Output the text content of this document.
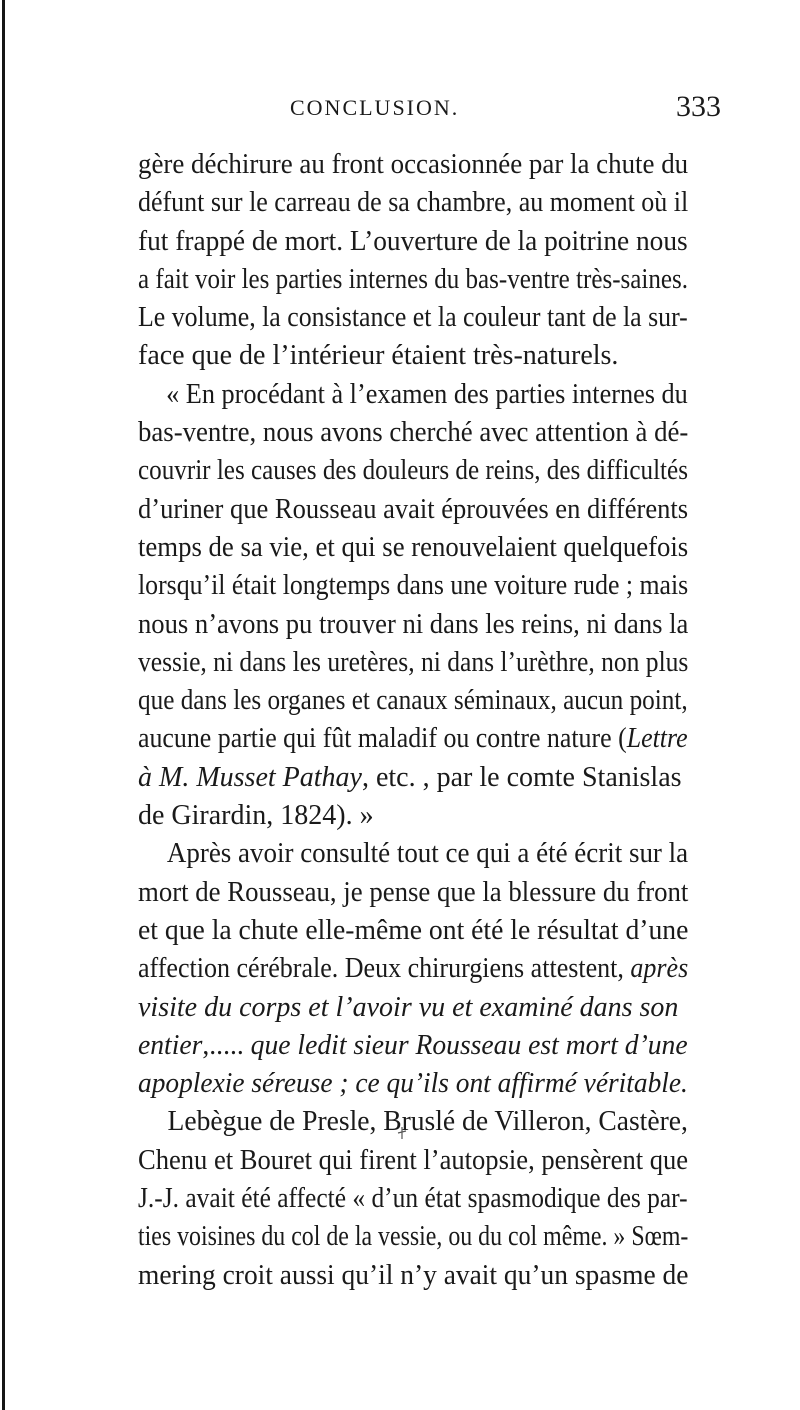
CONCLUSION.	333
gère déchirure au front occasionnée par la chute du
défunt sur le carreau de sa chambre, au moment où il
fut frappé de mort. L’ouverture de la poitrine nous
a fait voir les parties internes du bas-ventre très-saines.
Le volume, la consistance et la couleur tant de la sur-
face que de l’intérieur étaient très-naturels.
« En procédant à l’examen des parties internes du
bas-ventre, nous avons cherché avec attention à dé-
couvrir les causes des douleurs de reins, des difficultés
d’uriner que Rousseau avait éprouvées en différents
temps de sa vie, et qui se renouvelaient quelquefois
lorsqu’il était longtemps dans une voiture rude ; mais
nous n’avons pu trouver ni dans les reins, ni dans la
vessie, ni dans les uretères, ni dans l’urèthre, non plus
que dans les organes et canaux séminaux, aucun point,
aucune partie qui fût maladif ou contre nature (Lettre
à M. Musset Pathay, etc. , par le comte Stanislas
de Girardin, 1824). »
Après avoir consulté tout ce qui a été écrit sur la
mort de Rousseau, je pense que la blessure du front
et que la chute elle-même ont été le résultat d’une
affection cérébrale. Deux chirurgiens attestent, après
visite du corps et l’avoir vu et examiné dans son
entier,..... que ledit sieur Rousseau est mort d’une
apoplexie séreuse ; ce qu’ils ont affirmé véritable.
Lebègue de Presle, Bruslé de Villeron, Castère,
Chenu et Bouret qui firent l’autopsie, pensèrent que
J.-J. avait été affecté « d’un état spasmodique des par-
ties voisines du col de la vessie, ou du col même. » Sœm-
mering croit aussi qu’il n’y avait qu’un spasme de
